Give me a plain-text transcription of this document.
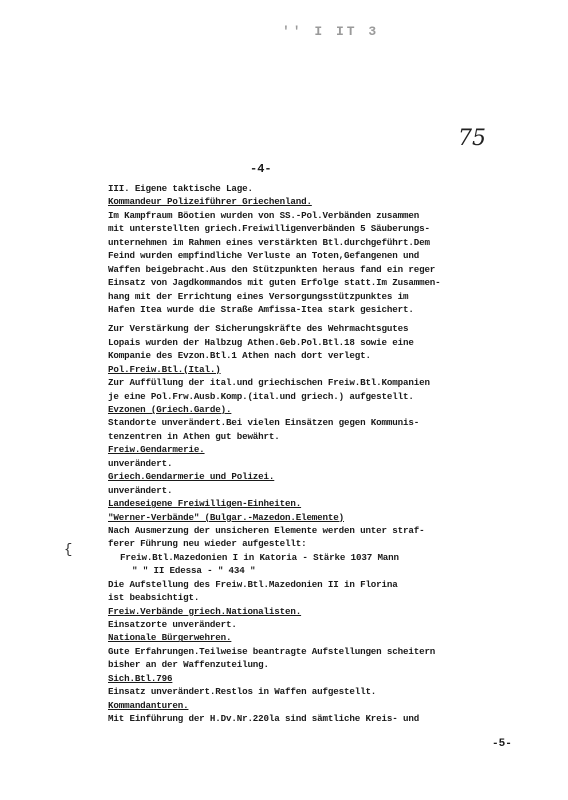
'' I IT 3
75
-4-
{
III. Eigene taktische Lage.
Kommandeur Polizeiführer Griechenland.
Im Kampfraum Böotien wurden von SS.-Pol.Verbänden zusammen
mit unterstellten griech.Freiwilligenverbänden 5 Säuberungs-
unternehmen im Rahmen eines verstärkten Btl.durchgeführt.Dem
Feind wurden empfindliche Verluste an Toten,Gefangenen und
Waffen beigebracht.Aus den Stützpunkten heraus fand ein reger
Einsatz von Jagdkommandos mit guten Erfolge statt.Im Zusammen-
hang mit der Errichtung eines Versorgungsstützpunktes im
Hafen Itea wurde die Straße Amfissa-Itea stark gesichert.
Zur Verstärkung der Sicherungskräfte des Wehrmachtsgutes
Lopais wurden der Halbzug Athen.Geb.Pol.Btl.18 sowie eine
Kompanie des Evzon.Btl.1 Athen nach dort verlegt.
Pol.Freiw.Btl.(Ital.)
Zur Auffüllung der ital.und griechischen Freiw.Btl.Kompanien
je eine Pol.Frw.Ausb.Komp.(ital.und griech.) aufgestellt.
Evzonen (Griech.Garde).
Standorte unverändert.Bei vielen Einsätzen gegen Kommunis-
tenzentren in Athen gut bewährt.
Freiw.Gendarmerie.
unverändert.
Griech.Gendarmerie und Polizei.
unverändert.
Landeseigene Freiwilligen-Einheiten.
"Werner-Verbände" (Bulgar.-Mazedon.Elemente)
Nach Ausmerzung der unsicheren Elemente werden unter straf-
ferer Führung neu wieder aufgestellt:
Freiw.Btl.Mazedonien I in Katoria - Stärke 1037 Mann
" " II Edessa - " 434 "
Die Aufstellung des Freiw.Btl.Mazedonien II in Florina
ist beabsichtigt.
Freiw.Verbände griech.Nationalisten.
Einsatzorte unverändert.
Nationale Bürgerwehren.
Gute Erfahrungen.Teilweise beantragte Aufstellungen scheitern
bisher an der Waffenzuteilung.
Sich.Btl.796
Einsatz unverändert.Restlos in Waffen aufgestellt.
Kommandanturen.
Mit Einführung der H.Dv.Nr.220la sind sämtliche Kreis- und
-5-
